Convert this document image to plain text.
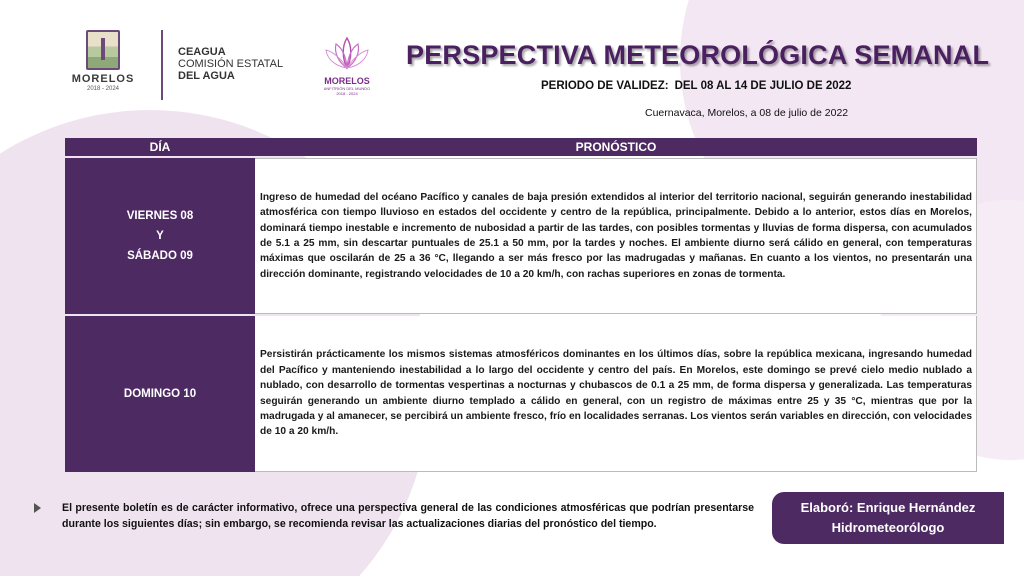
MORELOS
2018 - 2024
CEAGUA
COMISIÓN ESTATAL
DEL AGUA	MORELOS
ANFITRIÓN DEL MUNDO
2018 - 2024
PERSPECTIVA METEOROLÓGICA SEMANAL
PERIODO DE VALIDEZ: DEL 08 AL 14 DE JULIO DE 2022
Cuernavaca, Morelos, a 08 de julio de 2022
DÍA	PRONÓSTICO
VIERNES 08
Y
SÁBADO 09

Ingreso de humedad del océano Pacífico y canales de baja presión extendidos al interior del territorio nacional, seguirán generando inestabilidad atmosférica con tiempo lluvioso en estados del occidente y centro de la república, principalmente. Debido a lo anterior, estos días en Morelos, dominará tiempo inestable e incremento de nubosidad a partir de las tardes, con posibles tormentas y lluvias de forma dispersa, con acumulados de 5.1 a 25 mm, sin descartar puntuales de 25.1 a 50 mm, por la tardes y noches. El ambiente diurno será cálido en general, con temperaturas máximas que oscilarán de 25 a 36 °C, llegando a ser más fresco por las madrugadas y mañanas. En cuanto a los vientos, no presentarán una dirección dominante, registrando velocidades de 10 a 20 km/h, con rachas superiores en zonas de tormenta.

DOMINGO 10

Persistirán prácticamente los mismos sistemas atmosféricos dominantes en los últimos días, sobre la república mexicana, ingresando humedad del Pacífico y manteniendo inestabilidad a lo largo del occidente y centro del país. En Morelos, este domingo se prevé cielo medio nublado a nublado, con desarrollo de tormentas vespertinas a nocturnas y chubascos de 0.1 a 25 mm, de forma dispersa y generalizada. Las temperaturas seguirán generando un ambiente diurno templado a cálido en general, con un registro de máximas entre 25 y 35 °C, mientras que por la madrugada y al amanecer, se percibirá un ambiente fresco, frío en localidades serranas. Los vientos serán variables en dirección, con velocidades de 10 a 20 km/h.

El presente boletín es de carácter informativo, ofrece una perspectiva general de las condiciones atmosféricas que podrían presentarse durante los siguientes días; sin embargo, se recomienda revisar las actualizaciones diarias del pronóstico del tiempo.

Elaboró: Enrique Hernández
Hidrometeorólogo
